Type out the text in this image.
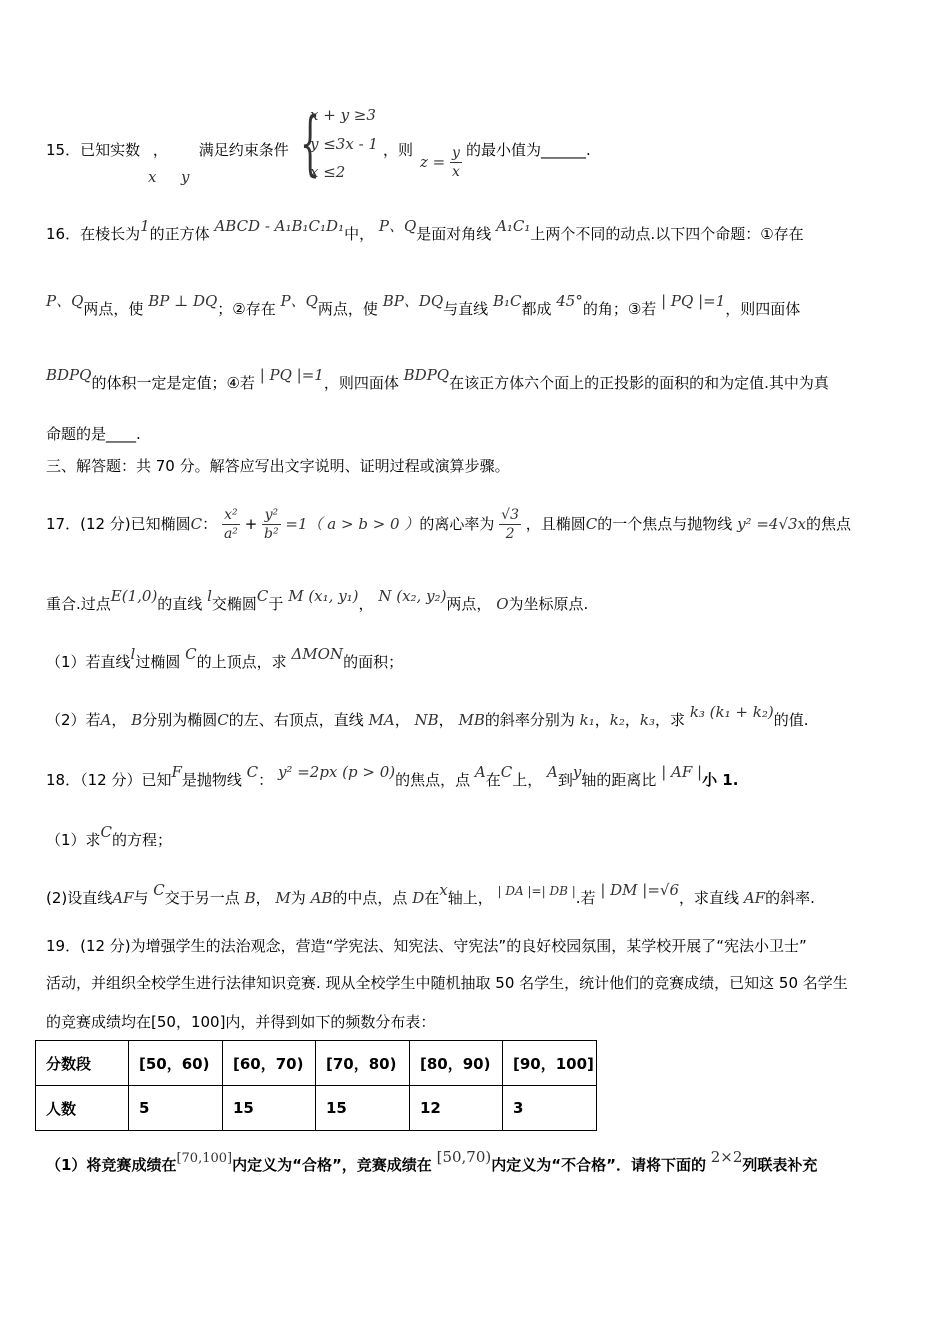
15．已知实数 ， 满足约束条件
x y {
x + y ≥3
y ≤3x - 1
x ≤2
，则
$z = \frac{y}{x}$ 的最小值为______.
16．在棱长为1的正方体 ABCD - A₁B₁C₁D₁中， P、Q是面对角线 A₁C₁上两个不同的动点.以下四个命题：①存在
P、Q两点，使 BP ⊥ DQ；②存在 P、Q两点，使 BP、DQ与直线 B₁C都成 45°的角；③若 | PQ |=1，则四面体
BDPQ的体积一定是定值；④若 | PQ |=1，则四面体 BDPQ在该正方体六个面上的正投影的面积的和为定值.其中为真
命题的是____.
三、解答题：共 70 分。解答应写出文字说明、证明过程或演算步骤。
17．(12 分)已知椭圆C： $\frac{\text{x²}}{\text{a²}} + \frac{\text{y²}}{\text{b²}} =1$（ a > b > 0 ）的离心率为 $\frac{√3}{2}$ ，且椭圆C的一个焦点与抛物线 y² =4√3x的焦点
重合.过点E(1,0)的直线 l交椭圆C于 M (x₁, y₁)， N (x₂, y₂)两点， O为坐标原点.
（1）若直线l过椭圆 C的上顶点，求 ΔMON的面积；
（2）若A， B分别为椭圆C的左、右顶点，直线 MA， NB， MB的斜率分别为 k₁，k₂，k₃，求 k₃ (k₁ + k₂)的值.
18．（12 分）已知F是抛物线 C： y² =2px (p > 0)的焦点，点 A在C上， A到y轴的距离比 | AF |小 1.
（1）求C的方程；
(2)设直线AF与 C交于另一点 B， M为 AB的中点，点 D在x轴上， $^{| DA |=| DB |}$.若 | DM |=√6，求直线 AF的斜率.
19．(12 分)为增强学生的法治观念，营造“学宪法、知宪法、守宪法”的良好校园氛围，某学校开展了“宪法小卫士”
活动，并组织全校学生进行法律知识竞赛. 现从全校学生中随机抽取 50 名学生，统计他们的竞赛成绩，已知这 50 名学生
的竞赛成绩均在[50，100]内，并得到如下的频数分布表：
分数段	[50，60)	[60，70)	[70，80)	[80，90)	[90，100]
人数	5	15	15	12	3
（1）将竞赛成绩在[70,100]内定义为“合格”，竞赛成绩在 [50,70)内定义为“不合格”．请将下面的 2×2列联表补充
